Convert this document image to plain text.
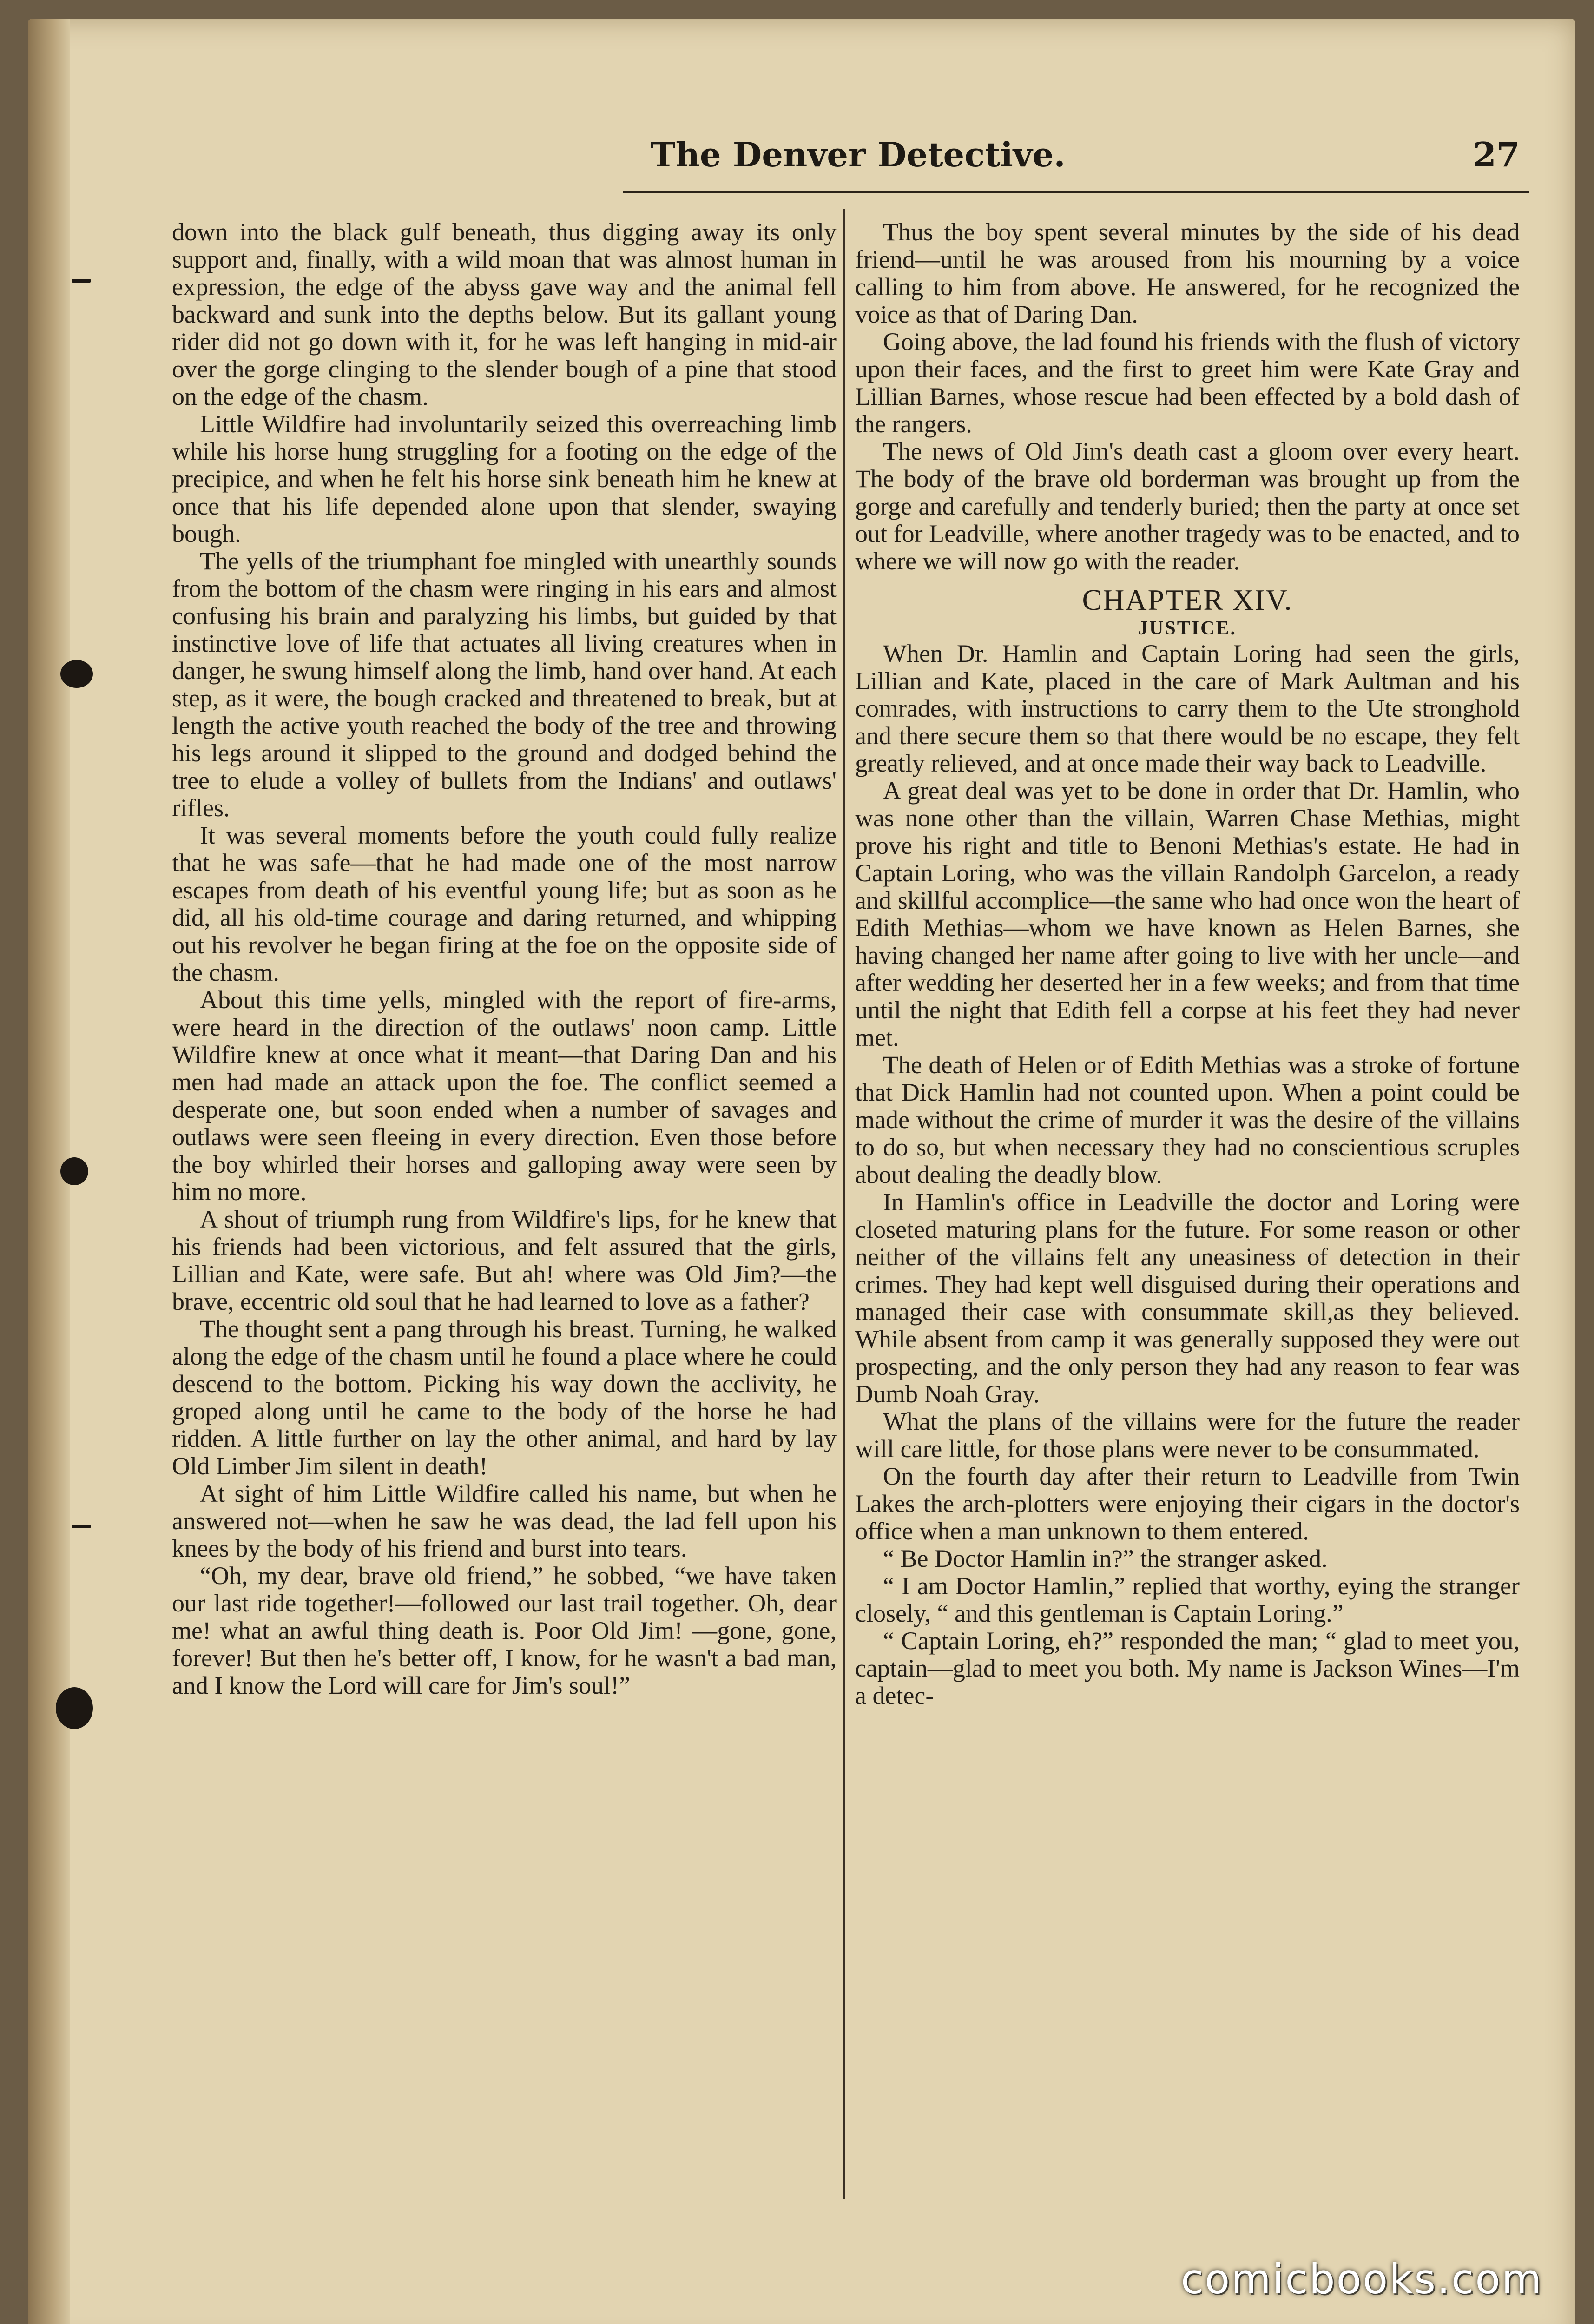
The Denver Detective.	27

down into the black gulf beneath, thus digging away its only support and, finally, with a wild moan that was almost human in expression, the edge of the abyss gave way and the animal fell backward and sunk into the depths below. But its gallant young rider did not go down with it, for he was left hanging in mid-air over the gorge clinging to the slender bough of a pine that stood on the edge of the chasm.

Little Wildfire had involuntarily seized this overreaching limb while his horse hung struggling for a footing on the edge of the precipice, and when he felt his horse sink beneath him he knew at once that his life depended alone upon that slender, swaying bough.

The yells of the triumphant foe mingled with unearthly sounds from the bottom of the chasm were ringing in his ears and almost confusing his brain and paralyzing his limbs, but guided by that instinctive love of life that actuates all living creatures when in danger, he swung himself along the limb, hand over hand. At each step, as it were, the bough cracked and threatened to break, but at length the active youth reached the body of the tree and throwing his legs around it slipped to the ground and dodged behind the tree to elude a volley of bullets from the Indians' and outlaws' rifles.

It was several moments before the youth could fully realize that he was safe—that he had made one of the most narrow escapes from death of his eventful young life; but as soon as he did, all his old-time courage and daring returned, and whipping out his revolver he began firing at the foe on the opposite side of the chasm.

About this time yells, mingled with the report of fire-arms, were heard in the direction of the outlaws' noon camp. Little Wildfire knew at once what it meant—that Daring Dan and his men had made an attack upon the foe. The conflict seemed a desperate one, but soon ended when a number of savages and outlaws were seen fleeing in every direction. Even those before the boy whirled their horses and galloping away were seen by him no more.

A shout of triumph rung from Wildfire's lips, for he knew that his friends had been victorious, and felt assured that the girls, Lillian and Kate, were safe. But ah! where was Old Jim?—the brave, eccentric old soul that he had learned to love as a father?

The thought sent a pang through his breast. Turning, he walked along the edge of the chasm until he found a place where he could descend to the bottom. Picking his way down the acclivity, he groped along until he came to the body of the horse he had ridden. A little further on lay the other animal, and hard by lay Old Limber Jim silent in death!

At sight of him Little Wildfire called his name, but when he answered not—when he saw he was dead, the lad fell upon his knees by the body of his friend and burst into tears.

“Oh, my dear, brave old friend,” he sobbed, “we have taken our last ride together!—followed our last trail together. Oh, dear me! what an awful thing death is. Poor Old Jim! —gone, gone, forever! But then he's better off, I know, for he wasn't a bad man, and I know the Lord will care for Jim's soul!”

Thus the boy spent several minutes by the side of his dead friend—until he was aroused from his mourning by a voice calling to him from above. He answered, for he recognized the voice as that of Daring Dan.

Going above, the lad found his friends with the flush of victory upon their faces, and the first to greet him were Kate Gray and Lillian Barnes, whose rescue had been effected by a bold dash of the rangers.

The news of Old Jim's death cast a gloom over every heart. The body of the brave old borderman was brought up from the gorge and carefully and tenderly buried; then the party at once set out for Leadville, where another tragedy was to be enacted, and to where we will now go with the reader.

CHAPTER XIV.
JUSTICE.

When Dr. Hamlin and Captain Loring had seen the girls, Lillian and Kate, placed in the care of Mark Aultman and his comrades, with instructions to carry them to the Ute stronghold and there secure them so that there would be no escape, they felt greatly relieved, and at once made their way back to Leadville.

A great deal was yet to be done in order that Dr. Hamlin, who was none other than the villain, Warren Chase Methias, might prove his right and title to Benoni Methias's estate. He had in Captain Loring, who was the villain Randolph Garcelon, a ready and skillful accomplice—the same who had once won the heart of Edith Methias—whom we have known as Helen Barnes, she having changed her name after going to live with her uncle—and after wedding her deserted her in a few weeks; and from that time until the night that Edith fell a corpse at his feet they had never met.

The death of Helen or of Edith Methias was a stroke of fortune that Dick Hamlin had not counted upon. When a point could be made without the crime of murder it was the desire of the villains to do so, but when necessary they had no conscientious scruples about dealing the deadly blow.

In Hamlin's office in Leadville the doctor and Loring were closeted maturing plans for the future. For some reason or other neither of the villains felt any uneasiness of detection in their crimes. They had kept well disguised during their operations and managed their case with consummate skill,as they believed. While absent from camp it was generally supposed they were out prospecting, and the only person they had any reason to fear was Dumb Noah Gray.

What the plans of the villains were for the future the reader will care little, for those plans were never to be consummated.

On the fourth day after their return to Leadville from Twin Lakes the arch-plotters were enjoying their cigars in the doctor's office when a man unknown to them entered.

“ Be Doctor Hamlin in?” the stranger asked.

“ I am Doctor Hamlin,” replied that worthy, eying the stranger closely, “ and this gentleman is Captain Loring.”

“ Captain Loring, eh?” responded the man; “ glad to meet you, captain—glad to meet you both. My name is Jackson Wines—I'm a detec-

comicbooks.com
